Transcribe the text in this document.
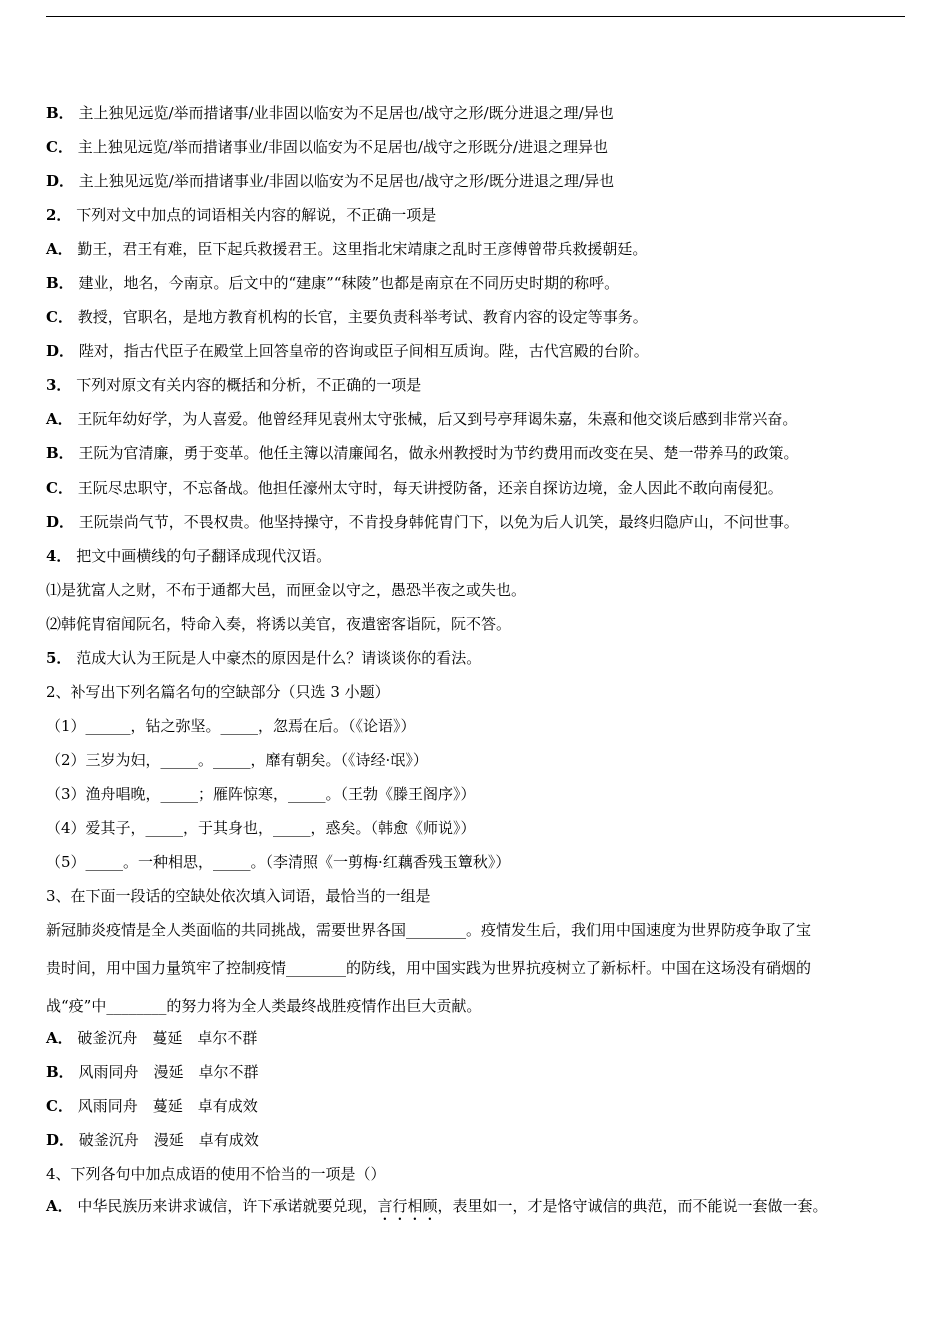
B． 主上独见远览/举而措诸事/业非固以临安为不足居也/战守之形/既分进退之理/异也
C． 主上独见远览/举而措诸事业/非固以临安为不足居也/战守之形既分/进退之理异也
D． 主上独见远览/举而措诸事业/非固以临安为不足居也/战守之形/既分进退之理/异也
2． 下列对文中加点的词语相关内容的解说，不正确一项是
A． 勤王，君王有难，臣下起兵救援君王。这里指北宋靖康之乱时王彦傅曾带兵救援朝廷。
B． 建业，地名，今南京。后文中的“建康”“秣陵”也都是南京在不同历史时期的称呼。
C． 教授，官职名，是地方教育机构的长官，主要负责科举考试、教育内容的设定等事务。
D． 陛对，指古代臣子在殿堂上回答皇帝的咨询或臣子间相互质询。陛，古代宫殿的台阶。
3． 下列对原文有关内容的概括和分析，不正确的一项是
A． 王阮年幼好学，为人喜爱。他曾经拜见袁州太守张械，后又到号亭拜谒朱嘉，朱熹和他交谈后感到非常兴奋。
B． 王阮为官清廉，勇于变革。他任主簿以清廉闻名，做永州教授时为节约费用而改变在吴、楚一带养马的政策。
C． 王阮尽忠职守，不忘备战。他担任濠州太守时，每天讲授防备，还亲自探访边境，金人因此不敢向南侵犯。
D． 王阮崇尚气节，不畏权贵。他坚持操守，不肯投身韩侂胄门下，以免为后人讥笑，最终归隐庐山，不问世事。
4． 把文中画横线的句子翻译成现代汉语。
⑴是犹富人之财，不布于通都大邑，而匣金以守之，愚恐半夜之或失也。
⑵韩侂胄宿闻阮名，特命入奏，将诱以美官，夜遣密客诣阮，阮不答。
5． 范成大认为王阮是人中豪杰的原因是什么？请谈谈你的看法。
2、补写出下列名篇名句的空缺部分（只选 3 小题）
（1）______，钻之弥坚。_____，忽焉在后。（《论语》）
（2）三岁为妇，_____。_____，靡有朝矣。（《诗经·氓》）
（3）渔舟唱晚，_____；雁阵惊寒，_____。（王勃《滕王阁序》）
（4）爱其子，_____，于其身也，_____，惑矣。（韩愈《师说》）
（5）_____。一种相思，_____。（李清照《一剪梅·红藕香残玉簟秋》）
3、在下面一段话的空缺处依次填入词语，最恰当的一组是
新冠肺炎疫情是全人类面临的共同挑战，需要世界各国________。疫情发生后，我们用中国速度为世界防疫争取了宝
贵时间，用中国力量筑牢了控制疫情________的防线，用中国实践为世界抗疫树立了新标杆。中国在这场没有硝烟的
战“疫”中________的努力将为全人类最终战胜疫情作出巨大贡献。
A． 破釜沉舟　蔓延　卓尔不群
B． 风雨同舟　漫延　卓尔不群
C． 风雨同舟　蔓延　卓有成效
D． 破釜沉舟　漫延　卓有成效
4、下列各句中加点成语的使用不恰当的一项是（）
A． 中华民族历来讲求诚信，许下承诺就要兑现，言行相顾，表里如一，才是恪守诚信的典范，而不能说一套做一套。
